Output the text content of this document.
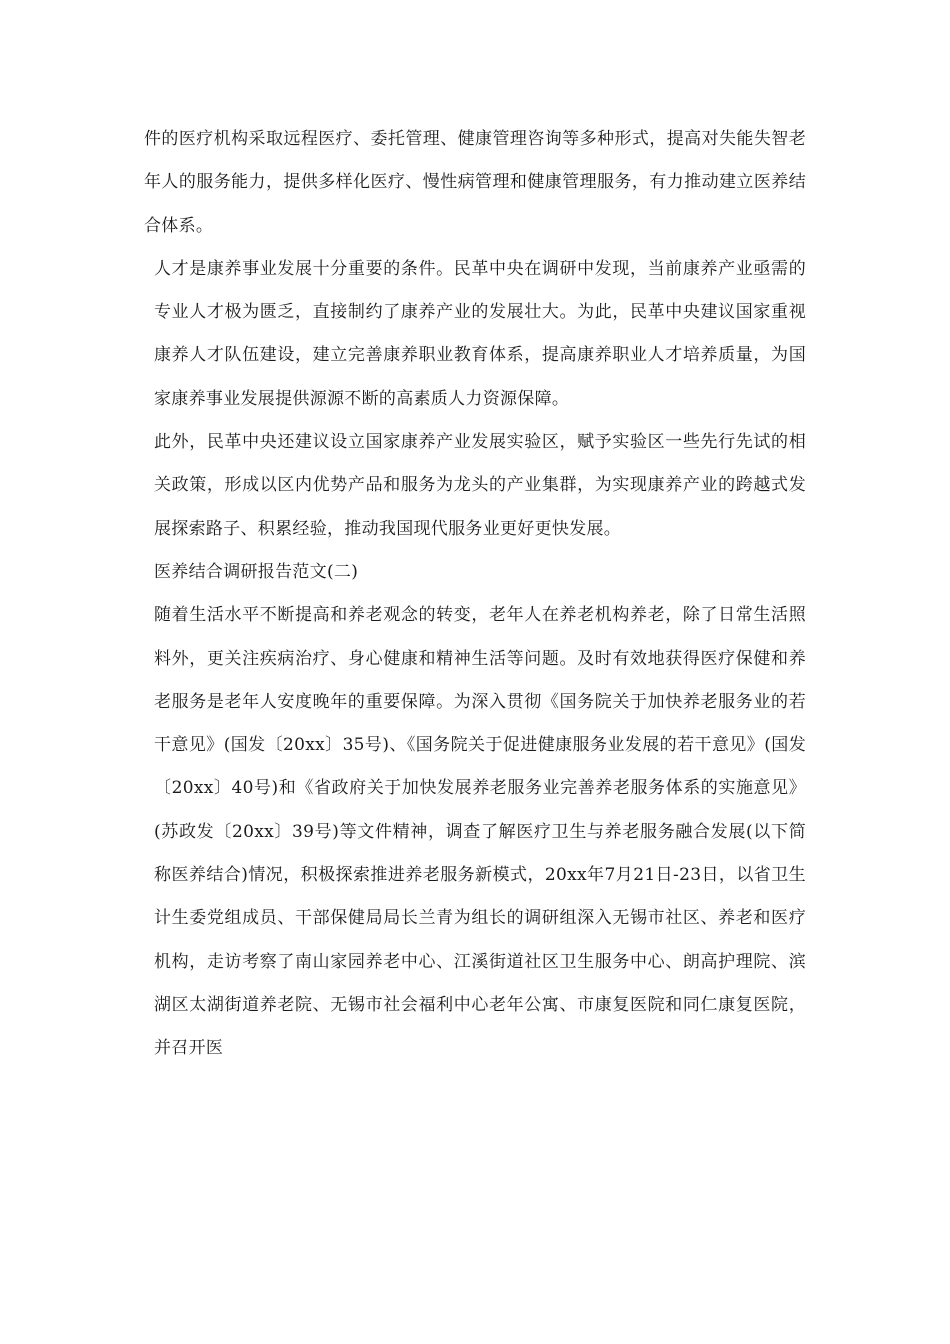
件的医疗机构采取远程医疗、委托管理、健康管理咨询等多种形式，提高对失能失智老年人的服务能力，提供多样化医疗、慢性病管理和健康管理服务，有力推动建立医养结合体系。

人才是康养事业发展十分重要的条件。民革中央在调研中发现，当前康养产业亟需的专业人才极为匮乏，直接制约了康养产业的发展壮大。为此，民革中央建议国家重视康养人才队伍建设，建立完善康养职业教育体系，提高康养职业人才培养质量，为国家康养事业发展提供源源不断的高素质人力资源保障。

此外，民革中央还建议设立国家康养产业发展实验区，赋予实验区一些先行先试的相关政策，形成以区内优势产品和服务为龙头的产业集群，为实现康养产业的跨越式发展探索路子、积累经验，推动我国现代服务业更好更快发展。

医养结合调研报告范文(二)

随着生活水平不断提高和养老观念的转变，老年人在养老机构养老，除了日常生活照料外，更关注疾病治疗、身心健康和精神生活等问题。及时有效地获得医疗保健和养老服务是老年人安度晚年的重要保障。为深入贯彻《国务院关于加快养老服务业的若干意见》(国发〔20xx〕35号)、《国务院关于促进健康服务业发展的若干意见》(国发〔20xx〕40号)和《省政府关于加快发展养老服务业完善养老服务体系的实施意见》(苏政发〔20xx〕39号)等文件精神，调查了解医疗卫生与养老服务融合发展(以下简称医养结合)情况，积极探索推进养老服务新模式，20xx年7月21日-23日，以省卫生计生委党组成员、干部保健局局长兰青为组长的调研组深入无锡市社区、养老和医疗机构，走访考察了南山家园养老中心、江溪街道社区卫生服务中心、朗高护理院、滨湖区太湖街道养老院、无锡市社会福利中心老年公寓、市康复医院和同仁康复医院，并召开医
